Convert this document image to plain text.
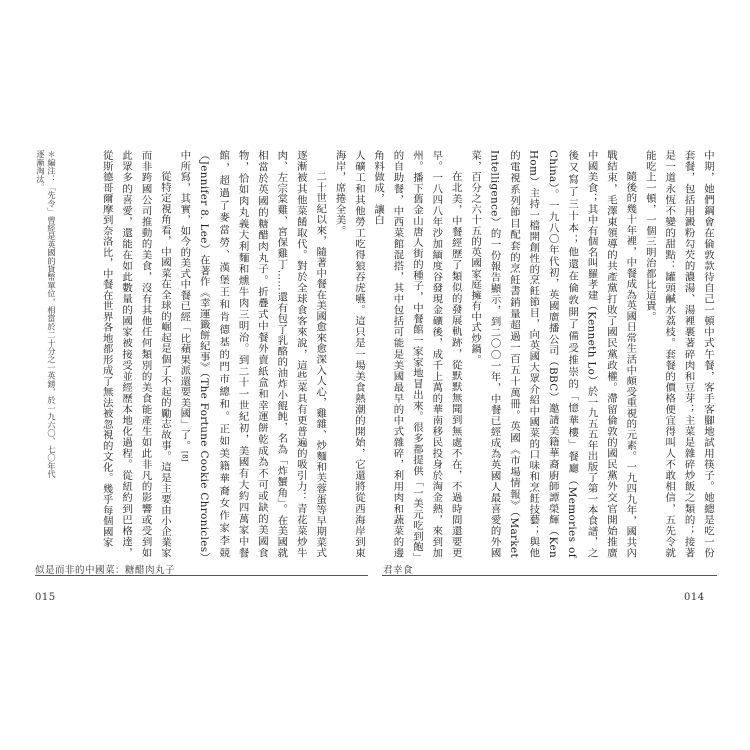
中期，她們鋼會在倫敦款待自己一頓中式午餐，客手客腳地試用筷子。她總是吃一份套餐，包括用澱粉勾芡的濃湯、湯裡裹著碎肉和豆芽；主菜是雜碎炒飯之類的；接著是一道永恆不變的甜點：罐頭鹹水荔枝。套餐的價格便宜得叫人不敢相信，五先令就能吃上一頓，一個三明治都比這貴。

隨後的幾十年裡，中餐成為英國日常生活中頗受重視的元素。一九四九年，國共內戰結束，毛澤東領導的共產黨打敗了國民黨政權。滯留倫敦的國民黨外交官開始推廣中國美食；其中有個名叫羅孝建（Kenneth Lo）於一九五五年出版了第一本食譜，之後又寫了三十本；他還在倫敦開了備受推崇的「憶華樓」餐廳（Memories of China）。一九八〇年代初，英國廣播公司（BBC）邀請美籍華裔廚師譚榮輝（Ken Hom）主持一檔開創性的烹飪節目，向英國大眾介紹中國菜的口味和烹飪技藝；與他的電視系列節目配套的烹飪書銷量超過一百五十萬冊。英國《市場情報》（Market Intelligence）的一份報告顯示，到二〇〇一年，中餐已經成為英國人最喜愛的外國菜，百分之六十五的英國家庭擁有中式炒鍋。

在北美，中餐經歷了類似的發展軌跡，從默默無聞到無處不在，不過時間還要更早。一八四八年沙加緬度谷發現金礦後，成千上萬的華南移民投身於淘金熱，來到加州。播下舊金山唐人街的種子，中餐館一家家地冒出來。很多都提供「一美元吃到飽」的自助餐，中西菜館混搭，其中包括可能是美國最早的中式雜碎，利用肉和蔬菜的邊角料做成，讓白

人礦工和其他勞工吃得狼吞虎嚥。這只是一場美食熱潮的開始，它還將從西海岸到東海岸，席捲全美。

二十世紀以來，隨著中餐在美國愈來愈深入人心，雞雜、炒麵和芙蓉蛋等早期菜式逐漸被其他菜餚取代。對於全球食客來說，這些菜具有更普遍的吸引力：青花菜炒牛肉、左宗棠雞、宮保雞丁……還有包了乳酪的油炸小餛飩，名為「炸蟹角」。在美國就相當於英國的糖醋肉丸子。折疊式中餐外賣紙盒和幸運餅乾成為不可或缺的美國食物，恰如肉丸義大利麵和燻牛肉三明治。到二十一世紀初，美國有大約四萬家中餐館，超過了麥當勞、漢堡王和肯德基的門市總和。正如美籍華裔女作家李競（Jennifer 8. Lee）在著作《幸運籤餅紀事》（The Fortune Cookie Chronicles）中所寫，其實，如今的美式中餐已經「比蘋果派還要美國」了。[8]

從特定視角看，中國菜在全球的崛起是個了不起的勵志故事。這是主要由小企業家而非跨國公司推動的美食，沒有其他任何類別的美食能產生如此非凡的影響或受到如此眾多的喜愛，還能在如此數量的國家被接受並經歷本地化過程。從紐約到巴格達，從斯德哥爾摩到奈洛比，中餐在世界各地都形成了無法被忽視的文化。幾乎每個國家

＊編注：「先令」曾經是英國的貨幣單位，相當於二十分之一英鎊，於一九六〇、七〇年代逐漸淘汰。
似是而非的中國菜：糖醋肉丸子	君幸食
015	014
